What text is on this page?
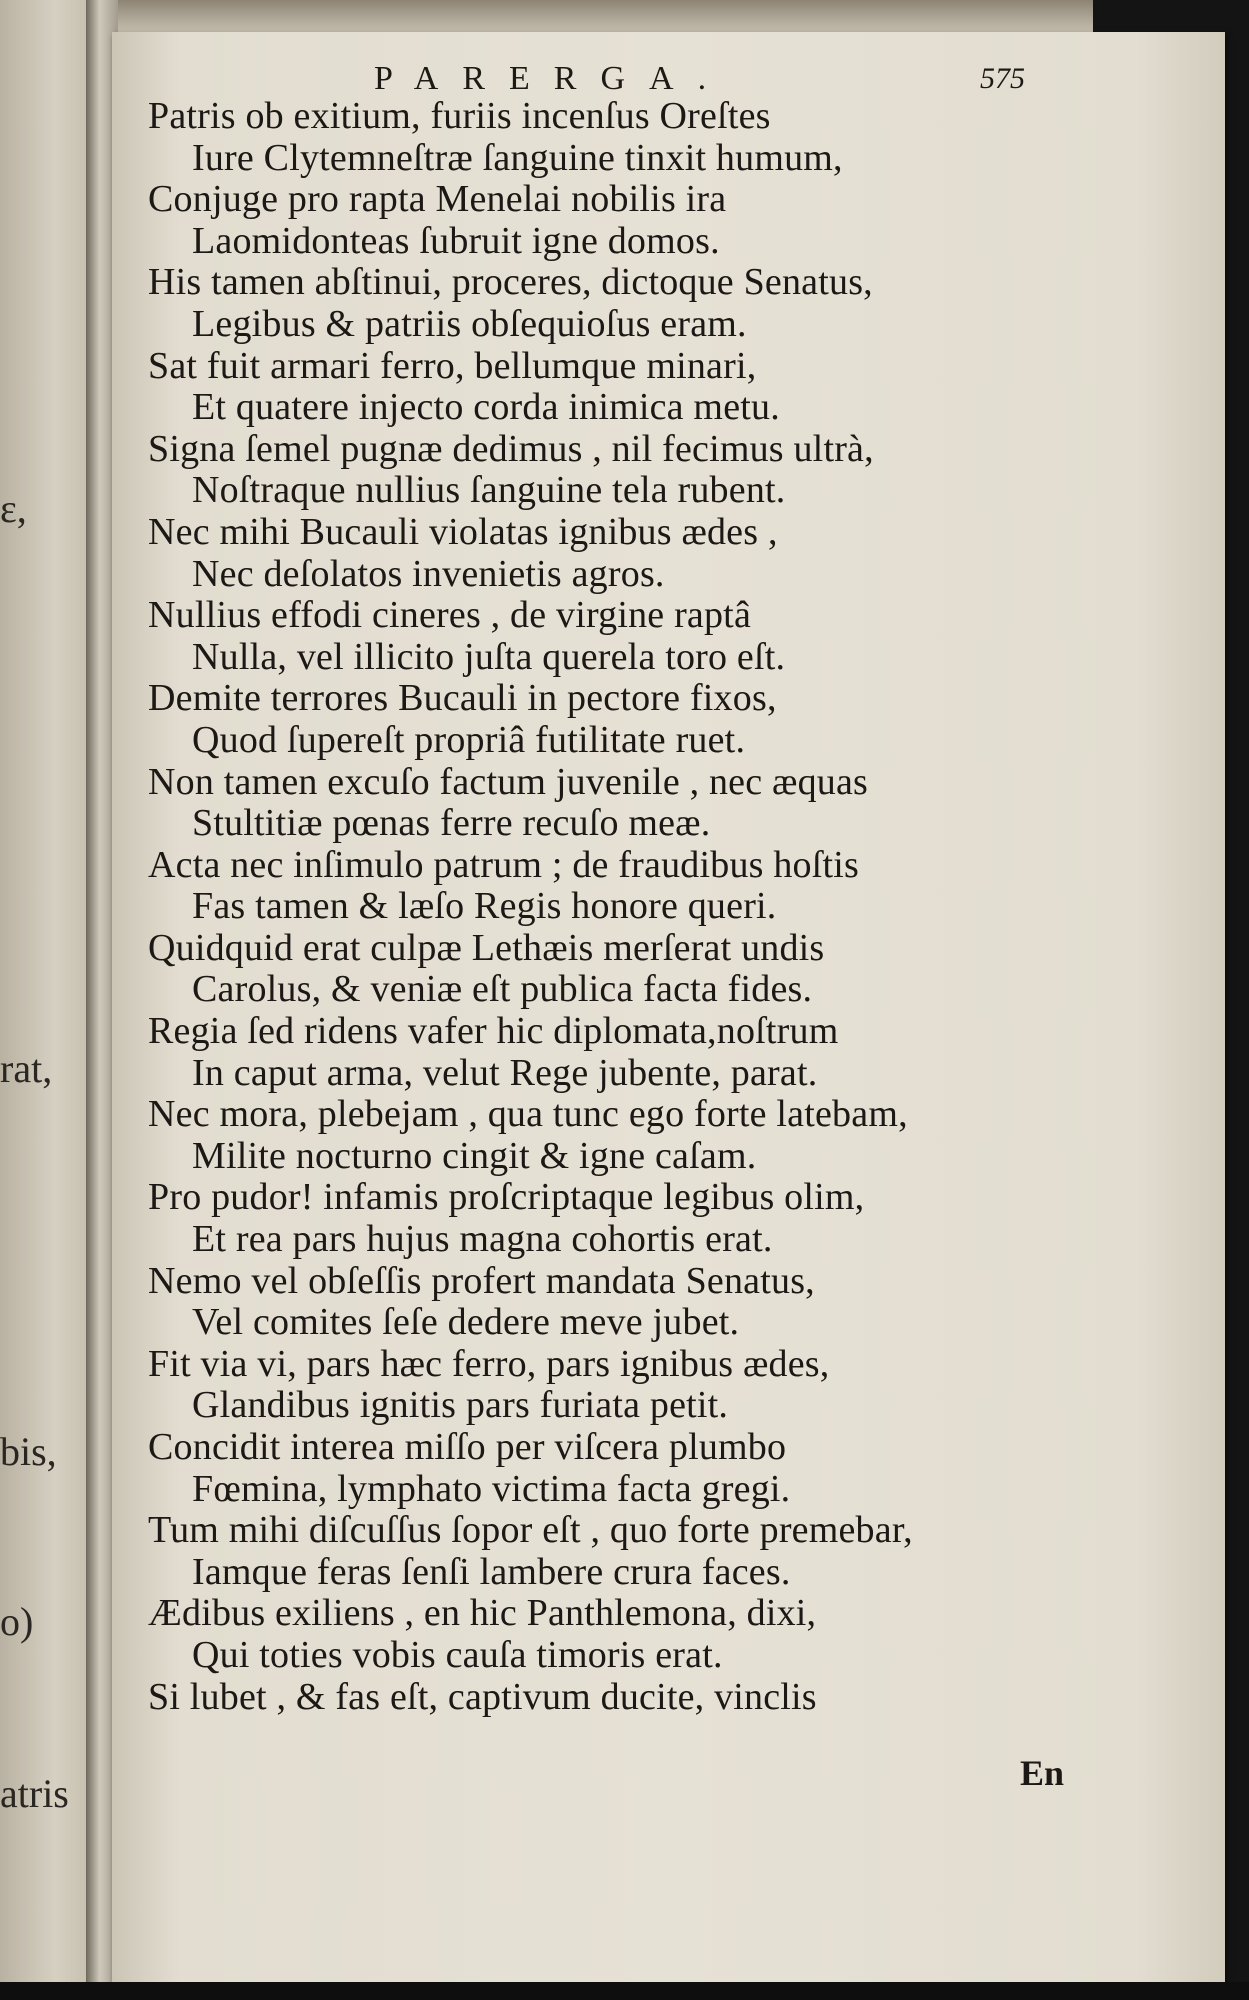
ε,
rat,
bis,
o)
atris
PARERGA.	575
Patris ob exitium, furiis incenſus Oreſtes
Iure Clytemneſtræ ſanguine tinxit humum,
Conjuge pro rapta Menelai nobilis ira
Laomidonteas ſubruit igne domos.
His tamen abſtinui, proceres, dictoque Senatus,
Legibus & patriis obſequioſus eram.
Sat fuit armari ferro, bellumque minari,
Et quatere injecto corda inimica metu.
Signa ſemel pugnæ dedimus , nil fecimus ultrà,
Noſtraque nullius ſanguine tela rubent.
Nec mihi Bucauli violatas ignibus ædes ,
Nec deſolatos invenietis agros.
Nullius effodi cineres , de virgine raptâ
Nulla, vel illicito juſta querela toro eſt.
Demite terrores Bucauli in pectore fixos,
Quod ſupereſt propriâ futilitate ruet.
Non tamen excuſo factum juvenile , nec æquas
Stultitiæ pœnas ferre recuſo meæ.
Acta nec inſimulo patrum ; de fraudibus hoſtis
Fas tamen & læſo Regis honore queri.
Quidquid erat culpæ Lethæis merſerat undis
Carolus, & veniæ eſt publica facta fides.
Regia ſed ridens vafer hic diplomata,noſtrum
In caput arma, velut Rege jubente, parat.
Nec mora, plebejam , qua tunc ego forte latebam,
Milite nocturno cingit & igne caſam.
Pro pudor! infamis proſcriptaque legibus olim,
Et rea pars hujus magna cohortis erat.
Nemo vel obſeſſis profert mandata Senatus,
Vel comites ſeſe dedere meve jubet.
Fit via vi, pars hæc ferro, pars ignibus ædes,
Glandibus ignitis pars furiata petit.
Concidit interea miſſo per viſcera plumbo
Fœmina, lymphato victima facta gregi.
Tum mihi diſcuſſus ſopor eſt , quo forte premebar,
Iamque feras ſenſi lambere crura faces.
Ædibus exiliens , en hic Panthlemona, dixi,
Qui toties vobis cauſa timoris erat.
Si lubet , & fas eſt, captivum ducite, vinclis
En
